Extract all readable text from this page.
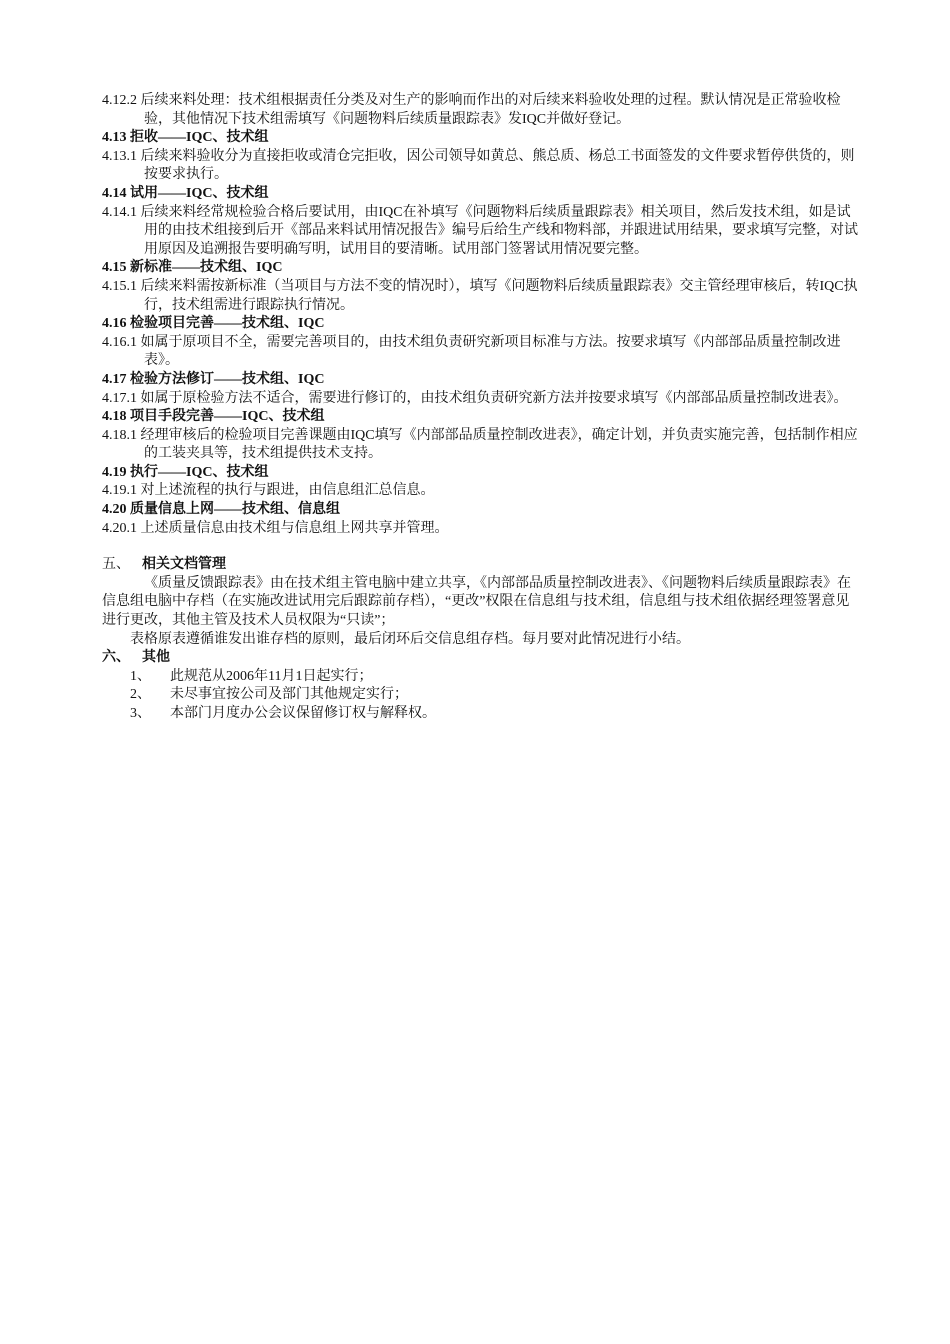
4.12.2 后续来料处理：技术组根据责任分类及对生产的影响而作出的对后续来料验收处理的过程。默认情况是正常验收检验，其他情况下技术组需填写《问题物料后续质量跟踪表》发IQC并做好登记。
4.13 拒收——IQC、技术组
4.13.1 后续来料验收分为直接拒收或清仓完拒收，因公司领导如黄总、熊总质、杨总工书面签发的文件要求暂停供货的，则按要求执行。
4.14 试用——IQC、技术组
4.14.1 后续来料经常规检验合格后要试用，由IQC在补填写《问题物料后续质量跟踪表》相关项目，然后发技术组，如是试用的由技术组接到后开《部品来料试用情况报告》编号后给生产线和物料部，并跟进试用结果，要求填写完整，对试用原因及追溯报告要明确写明，试用目的要清晰。试用部门签署试用情况要完整。
4.15 新标准——技术组、IQC
4.15.1 后续来料需按新标准（当项目与方法不变的情况时），填写《问题物料后续质量跟踪表》交主管经理审核后，转IQC执行，技术组需进行跟踪执行情况。
4.16 检验项目完善——技术组、IQC
4.16.1 如属于原项目不全，需要完善项目的，由技术组负责研究新项目标准与方法。按要求填写《内部部品质量控制改进表》。
4.17 检验方法修订——技术组、IQC
4.17.1 如属于原检验方法不适合，需要进行修订的，由技术组负责研究新方法并按要求填写《内部部品质量控制改进表》。
4.18 项目手段完善——IQC、技术组
4.18.1 经理审核后的检验项目完善课题由IQC填写《内部部品质量控制改进表》，确定计划，并负责实施完善，包括制作相应的工装夹具等，技术组提供技术支持。
4.19 执行——IQC、技术组
4.19.1 对上述流程的执行与跟进，由信息组汇总信息。
4.20 质量信息上网——技术组、信息组
4.20.1 上述质量信息由技术组与信息组上网共享并管理。
五、 相关文档管理
《质量反馈跟踪表》由在技术组主管电脑中建立共享，《内部部品质量控制改进表》、《问题物料后续质量跟踪表》在信息组电脑中存档（在实施改进试用完后跟踪前存档），“更改”权限在信息组与技术组，信息组与技术组依据经理签署意见进行更改，其他主管及技术人员权限为“只读”；
表格原表遵循谁发出谁存档的原则，最后闭环后交信息组存档。每月要对此情况进行小结。
六、 其他
1、 此规范从2006年11月1日起实行；
2、 未尽事宜按公司及部门其他规定实行；
3、 本部门月度办公会议保留修订权与解释权。
